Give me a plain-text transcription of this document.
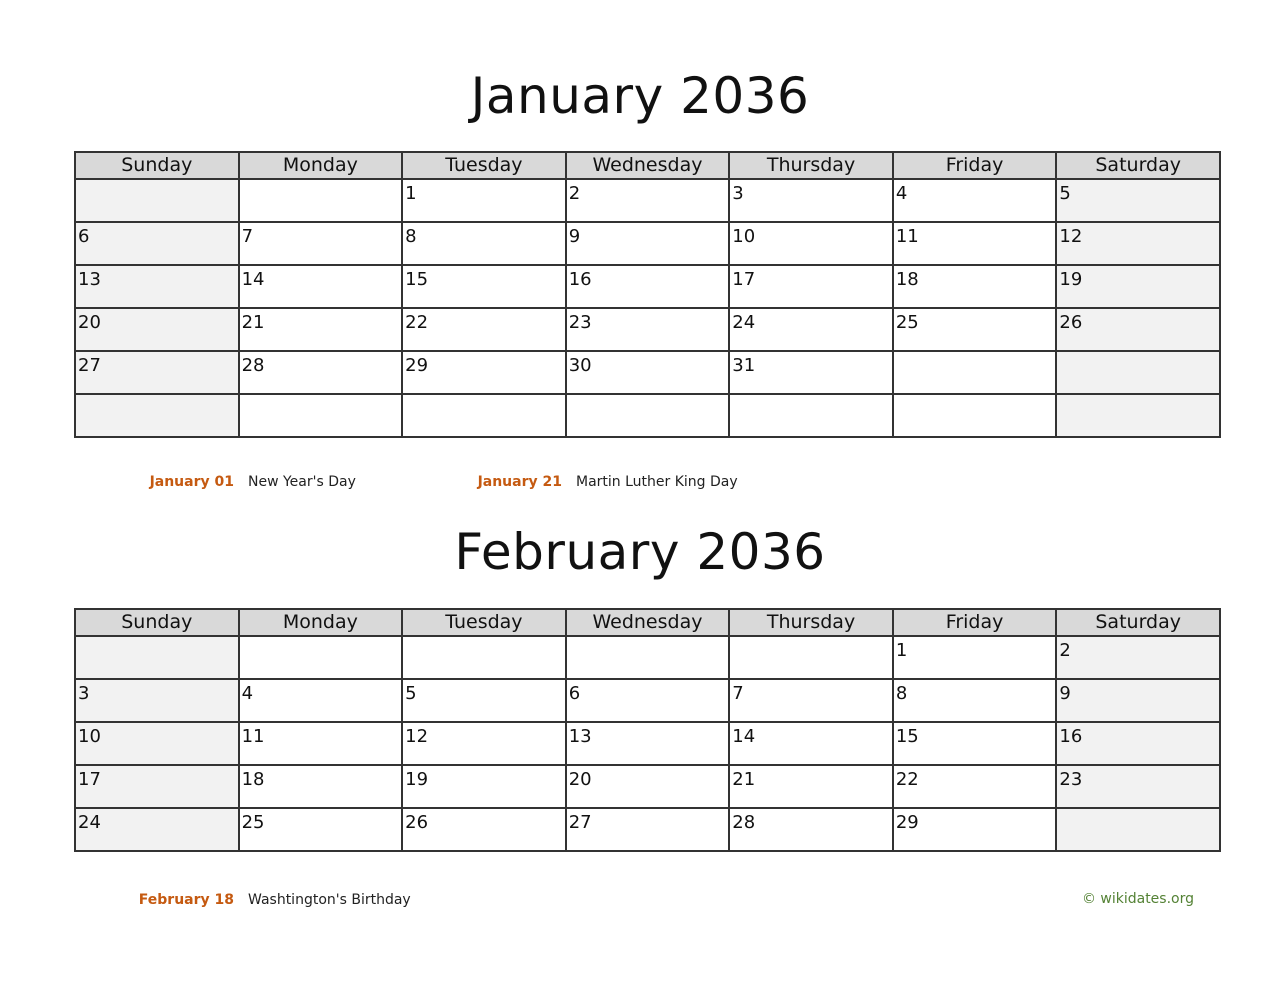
January 2036
Sunday	Monday	Tuesday	Wednesday	Thursday	Friday	Saturday

		1	2	3	4	5

6	7	8	9	10	11	12

13	14	15	16	17	18	19

20	21	22	23	24	25	26

27	28	29	30	31		

January 01 New Year's Day	January 21 Martin Luther King Day
February 2036
Sunday	Monday	Tuesday	Wednesday	Thursday	Friday	Saturday

					1	2

3	4	5	6	7	8	9

10	11	12	13	14	15	16

17	18	19	20	21	22	23

24	25	26	27	28	29	

February 18 Washtington's Birthday	© wikidates.org
